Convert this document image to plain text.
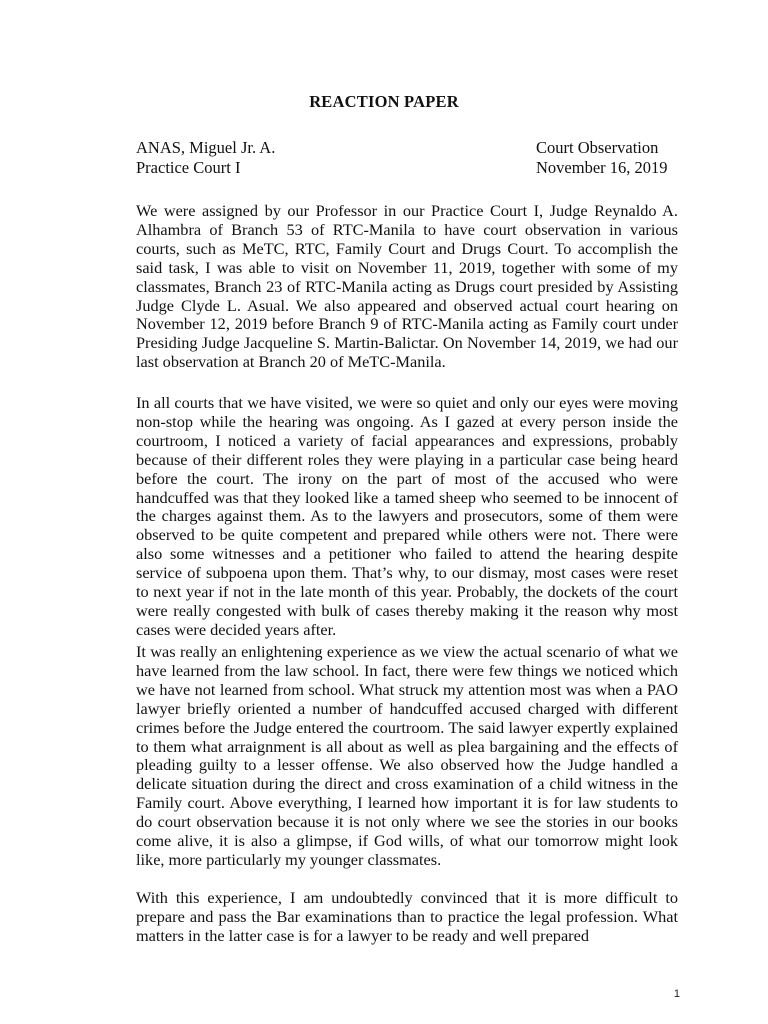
REACTION PAPER
ANAS, Miguel Jr. A.	Court Observation
Practice Court I	November 16, 2019

We were assigned by our Professor in our Practice Court I, Judge Reynaldo A. Alhambra of Branch 53 of RTC-Manila to have court observation in various courts, such as MeTC, RTC, Family Court and Drugs Court. To accomplish the said task, I was able to visit on November 11, 2019, together with some of my classmates, Branch 23 of RTC-Manila acting as Drugs court presided by Assisting Judge Clyde L. Asual. We also appeared and observed actual court hearing on November 12, 2019 before Branch 9 of RTC-Manila acting as Family court under Presiding Judge Jacqueline S. Martin-Balictar. On November 14, 2019, we had our last observation at Branch 20 of MeTC-Manila.

In all courts that we have visited, we were so quiet and only our eyes were moving non-stop while the hearing was ongoing. As I gazed at every person inside the courtroom, I noticed a variety of facial appearances and expressions, probably because of their different roles they were playing in a particular case being heard before the court. The irony on the part of most of the accused who were handcuffed was that they looked like a tamed sheep who seemed to be innocent of the charges against them. As to the lawyers and prosecutors, some of them were observed to be quite competent and prepared while others were not. There were also some witnesses and a petitioner who failed to attend the hearing despite service of subpoena upon them. That’s why, to our dismay, most cases were reset to next year if not in the late month of this year. Probably, the dockets of the court were really congested with bulk of cases thereby making it the reason why most cases were decided years after.

It was really an enlightening experience as we view the actual scenario of what we have learned from the law school. In fact, there were few things we noticed which we have not learned from school. What struck my attention most was when a PAO lawyer briefly oriented a number of handcuffed accused charged with different crimes before the Judge entered the courtroom. The said lawyer expertly explained to them what arraignment is all about as well as plea bargaining and the effects of pleading guilty to a lesser offense. We also observed how the Judge handled a delicate situation during the direct and cross examination of a child witness in the Family court. Above everything, I learned how important it is for law students to do court observation because it is not only where we see the stories in our books come alive, it is also a glimpse, if God wills, of what our tomorrow might look like, more particularly my younger classmates.

With this experience, I am undoubtedly convinced that it is more difficult to prepare and pass the Bar examinations than to practice the legal profession. What matters in the latter case is for a lawyer to be ready and well prepared

1
